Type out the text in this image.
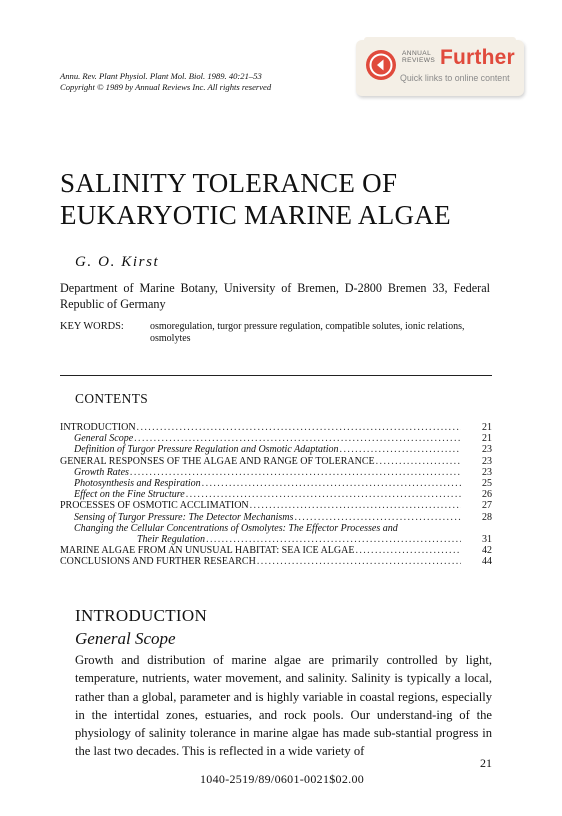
Annu. Rev. Plant Physiol. Plant Mol. Biol. 1989. 40:21–53
Copyright © 1989 by Annual Reviews Inc. All rights reserved
ANNUAL
REVIEWS Further
Quick links to online content
SALINITY TOLERANCE OF
EUKARYOTIC MARINE ALGAE
G. O. Kirst
Department of Marine Botany, University of Bremen, D-2800 Bremen 33, Federal Republic of Germany
KEY WORDS:	osmoregulation, turgor pressure regulation, compatible solutes, ionic relations, osmolytes
CONTENTS
INTRODUCTION .....	21
General Scope .....	21
Definition of Turgor Pressure Regulation and Osmotic Adaptation .....	23
GENERAL RESPONSES OF THE ALGAE AND RANGE OF TOLERANCE .....	23
Growth Rates .....	23
Photosynthesis and Respiration .....	25
Effect on the Fine Structure .....	26
PROCESSES OF OSMOTIC ACCLIMATION .....	27
Sensing of Turgor Pressure: The Detector Mechanisms .....	28
Changing the Cellular Concentrations of Osmolytes: The Effector Processes and
Their Regulation .....	31
MARINE ALGAE FROM AN UNUSUAL HABITAT: SEA ICE ALGAE .....	42
CONCLUSIONS AND FURTHER RESEARCH .....	44
INTRODUCTION
General Scope
Growth and distribution of marine algae are primarily controlled by light, temperature, nutrients, water movement, and salinity. Salinity is typically a local, rather than a global, parameter and is highly variable in coastal regions, especially in the intertidal zones, estuaries, and rock pools. Our understand-ing of the physiology of salinity tolerance in marine algae has made sub-stantial progress in the last two decades. This is reflected in a wide variety of
21
1040-2519/89/0601-0021$02.00
